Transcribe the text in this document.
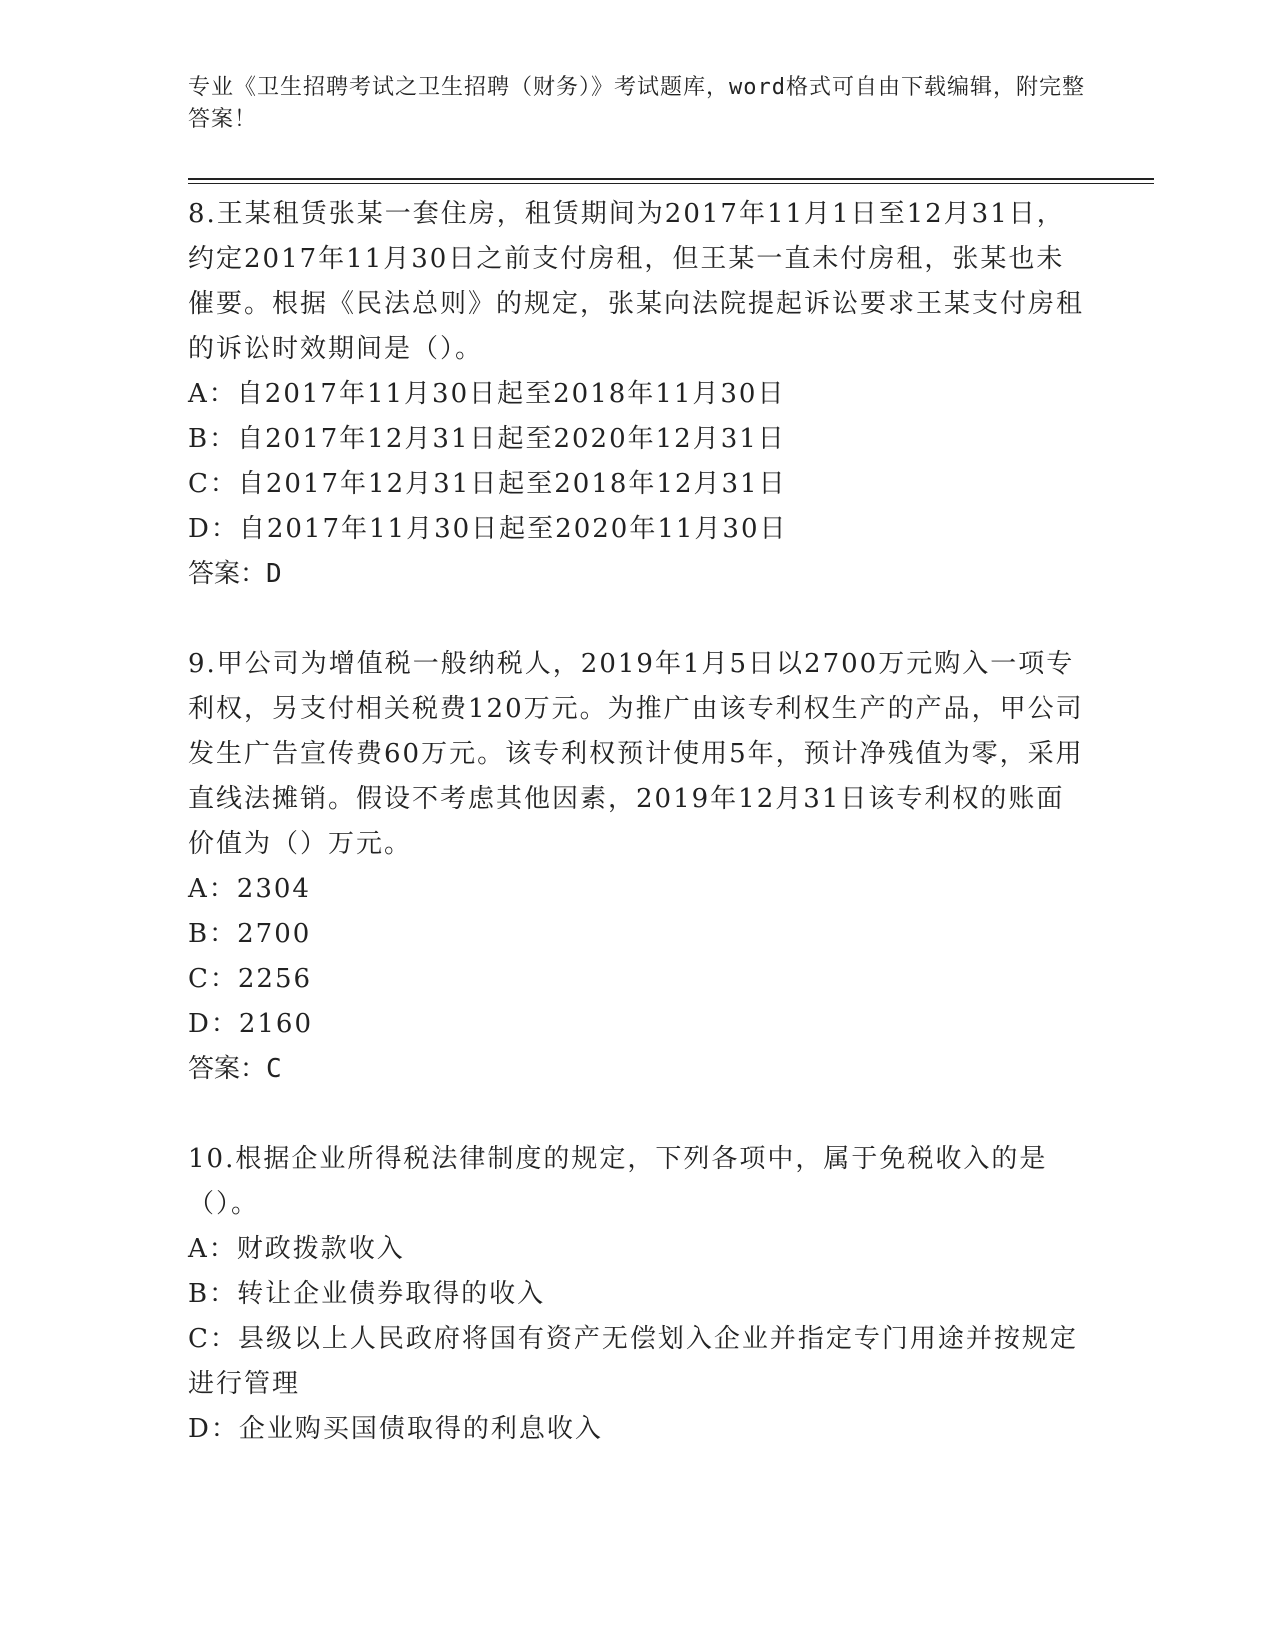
专业《卫生招聘考试之卫生招聘（财务）》考试题库，word格式可自由下载编辑，附完整答案！

8.王某租赁张某一套住房，租赁期间为2017年11月1日至12月31日，约定2017年11月30日之前支付房租，但王某一直未付房租，张某也未催要。根据《民法总则》的规定，张某向法院提起诉讼要求王某支付房租的诉讼时效期间是（）。

A：自2017年11月30日起至2018年11月30日

B：自2017年12月31日起至2020年12月31日

C：自2017年12月31日起至2018年12月31日

D：自2017年11月30日起至2020年11月30日

答案：D

9.甲公司为增值税一般纳税人，2019年1月5日以2700万元购入一项专利权，另支付相关税费120万元。为推广由该专利权生产的产品，甲公司发生广告宣传费60万元。该专利权预计使用5年，预计净残值为零，采用直线法摊销。假设不考虑其他因素，2019年12月31日该专利权的账面价值为（）万元。

A：2304

B：2700

C：2256

D：2160

答案：C

10.根据企业所得税法律制度的规定，下列各项中，属于免税收入的是（）。

A：财政拨款收入

B：转让企业债券取得的收入

C：县级以上人民政府将国有资产无偿划入企业并指定专门用途并按规定进行管理

D：企业购买国债取得的利息收入
